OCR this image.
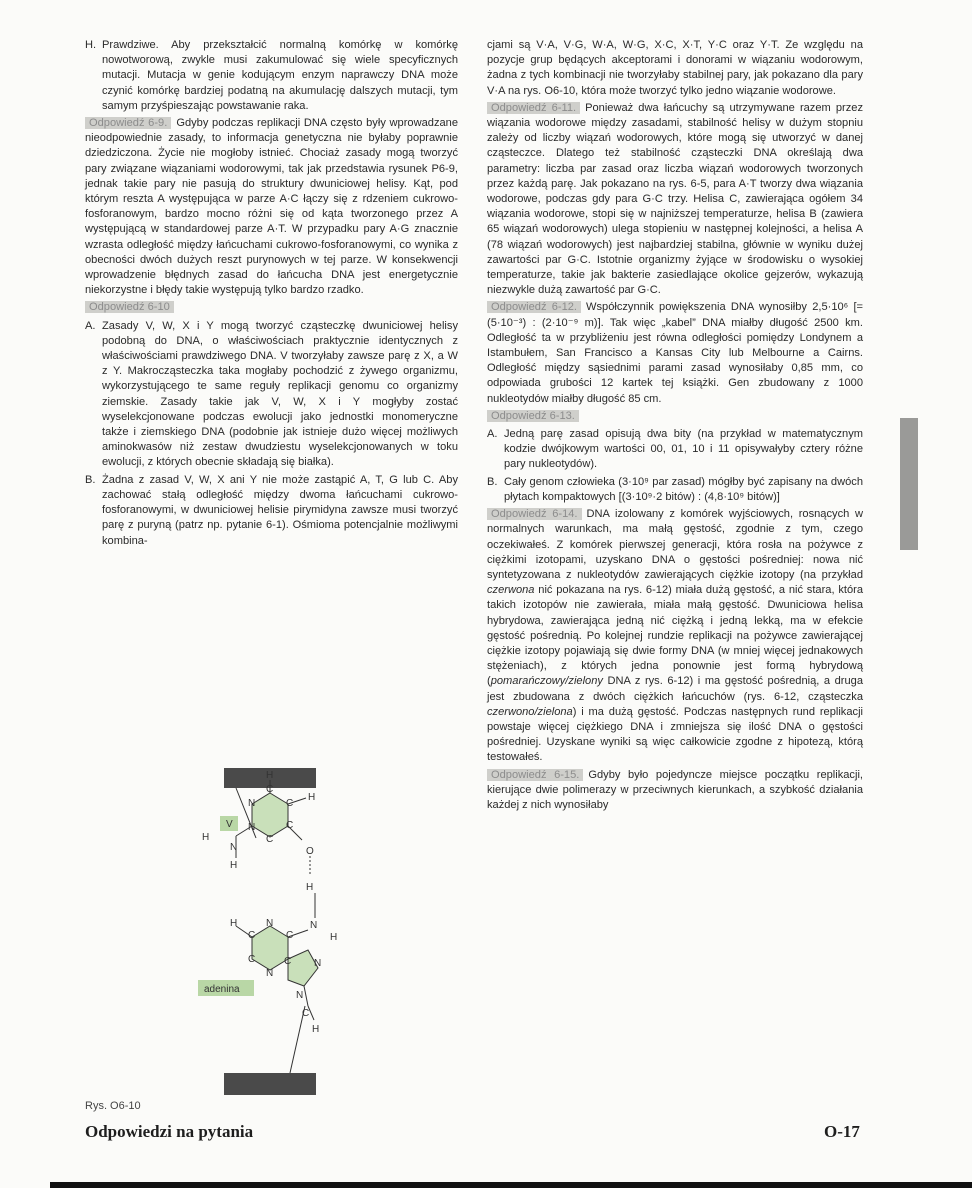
H. Prawdziwe. Aby przekształcić normalną komórkę w komórkę nowotworową, zwykle musi zakumulować się wiele specyficznych mutacji. Mutacja w genie kodującym enzym naprawczy DNA może czynić komórkę bardziej podatną na akumulację dalszych mutacji, tym samym przyśpieszając powstawanie raka.

Odpowiedź 6-9. Gdyby podczas replikacji DNA często były wprowadzane nieodpowiednie zasady, to informacja genetyczna nie byłaby poprawnie dziedziczona. Życie nie mogłoby istnieć. Chociaż zasady mogą tworzyć pary związane wiązaniami wodorowymi, tak jak przedstawia rysunek P6-9, jednak takie pary nie pasują do struktury dwuniciowej helisy. Kąt, pod którym reszta A występująca w parze A·C łączy się z rdzeniem cukrowo-fosforanowym, bardzo mocno różni się od kąta tworzonego przez A występującą w standardowej parze A·T. W przypadku pary A·G znacznie wzrasta odległość między łańcuchami cukrowo-fosforanowymi, co wynika z obecności dwóch dużych reszt purynowych w tej parze. W konsekwencji wprowadzenie błędnych zasad do łańcucha DNA jest energetycznie niekorzystne i błędy takie występują tylko bardzo rzadko.

Odpowiedź 6-10
A. Zasady V, W, X i Y mogą tworzyć cząsteczkę dwuniciowej helisy podobną do DNA, o właściwościach praktycznie identycznych z właściwościami prawdziwego DNA. V tworzyłaby zawsze parę z X, a W z Y. Makrocząsteczka taka mogłaby pochodzić z żywego organizmu, wykorzystującego te same reguły replikacji genomu co organizmy ziemskie. Zasady takie jak V, W, X i Y mogłyby zostać wyselekcjonowane podczas ewolucji jako jednostki monomeryczne także i ziemskiego DNA (podobnie jak istnieje dużo więcej możliwych aminokwasów niż zestaw dwudziestu wyselekcjonowanych w toku ewolucji, z których obecnie składają się białka).
B. Żadna z zasad V, W, X ani Y nie może zastąpić A, T, G lub C. Aby zachować stałą odległość między dwoma łańcuchami cukrowo-fosforanowymi, w dwuniciowej helisie pirymidyna zawsze musi tworzyć parę z puryną (patrz np. pytanie 6-1). Ośmioma potencjalnie możliwymi kombina-
V
H
C
N	C
C
H
N
C
H
N
H
O
H
N
H
H
C
N
C
C
N
N
C
N
C
H
adenina
Rys. O6-10

cjami są V·A, V·G, W·A, W·G, X·C, X·T, Y·C oraz Y·T. Ze względu na pozycje grup będących akceptorami i donorami w wiązaniu wodorowym, żadna z tych kombinacji nie tworzyłaby stabilnej pary, jak pokazano dla pary V·A na rys. O6-10, która może tworzyć tylko jedno wiązanie wodorowe.

Odpowiedź 6-11. Ponieważ dwa łańcuchy są utrzymywane razem przez wiązania wodorowe między zasadami, stabilność helisy w dużym stopniu zależy od liczby wiązań wodorowych, które mogą się utworzyć w danej cząsteczce. Dlatego też stabilność cząsteczki DNA określają dwa parametry: liczba par zasad oraz liczba wiązań wodorowych tworzonych przez każdą parę. Jak pokazano na rys. 6-5, para A·T tworzy dwa wiązania wodorowe, podczas gdy para G·C trzy. Helisa C, zawierająca ogółem 34 wiązania wodorowe, stopi się w najniższej temperaturze, helisa B (zawiera 65 wiązań wodorowych) ulega stopieniu w następnej kolejności, a helisa A (78 wiązań wodorowych) jest najbardziej stabilna, głównie w wyniku dużej zawartości par G·C. Istotnie organizmy żyjące w środowisku o wysokiej temperaturze, takie jak bakterie zasiedlające okolice gejzerów, wykazują niezwykle dużą zawartość par G·C.

Odpowiedź 6-12. Współczynnik powiększenia DNA wynosiłby 2,5·10⁶ [= (5·10⁻³) : (2·10⁻⁹ m)]. Tak więc „kabel” DNA miałby długość 2500 km. Odległość ta w przybliżeniu jest równa odległości pomiędzy Londynem a Istambułem, San Francisco a Kansas City lub Melbourne a Cairns. Odległość między sąsiednimi parami zasad wynosiłaby 0,85 mm, co odpowiada grubości 12 kartek tej książki. Gen zbudowany z 1000 nukleotydów miałby długość 85 cm.

Odpowiedź 6-13.
A. Jedną parę zasad opisują dwa bity (na przykład w matematycznym kodzie dwójkowym wartości 00, 01, 10 i 11 opisywałyby cztery różne pary nukleotydów).
B. Cały genom człowieka (3·10⁹ par zasad) mógłby być zapisany na dwóch płytach kompaktowych [(3·10⁹·2 bitów) : (4,8·10⁹ bitów)]

Odpowiedź 6-14. DNA izolowany z komórek wyjściowych, rosnących w normalnych warunkach, ma małą gęstość, zgodnie z tym, czego oczekiwałeś. Z komórek pierwszej generacji, która rosła na pożywce z ciężkimi izotopami, uzyskano DNA o gęstości pośredniej: nowa nić syntetyzowana z nukleotydów zawierających ciężkie izotopy (na przykład czerwona nić pokazana na rys. 6-12) miała dużą gęstość, a nić stara, która takich izotopów nie zawierała, miała małą gęstość. Dwuniciowa helisa hybrydowa, zawierająca jedną nić ciężką i jedną lekką, ma w efekcie gęstość pośrednią. Po kolejnej rundzie replikacji na pożywce zawierającej ciężkie izotopy pojawiają się dwie formy DNA (w mniej więcej jednakowych stężeniach), z których jedna ponownie jest formą hybrydową (pomarańczowy/zielony DNA z rys. 6-12) i ma gęstość pośrednią, a druga jest zbudowana z dwóch ciężkich łańcuchów (rys. 6-12, cząsteczka czerwono/zielona) i ma dużą gęstość. Podczas następnych rund replikacji powstaje więcej ciężkiego DNA i zmniejsza się ilość DNA o gęstości pośredniej. Uzyskane wyniki są więc całkowicie zgodne z hipotezą, którą testowałeś.

Odpowiedź 6-15. Gdyby było pojedyncze miejsce początku replikacji, kierujące dwie polimerazy w przeciwnych kierunkach, a szybkość działania każdej z nich wynosiłaby

Odpowiedzi na pytania	O-17
